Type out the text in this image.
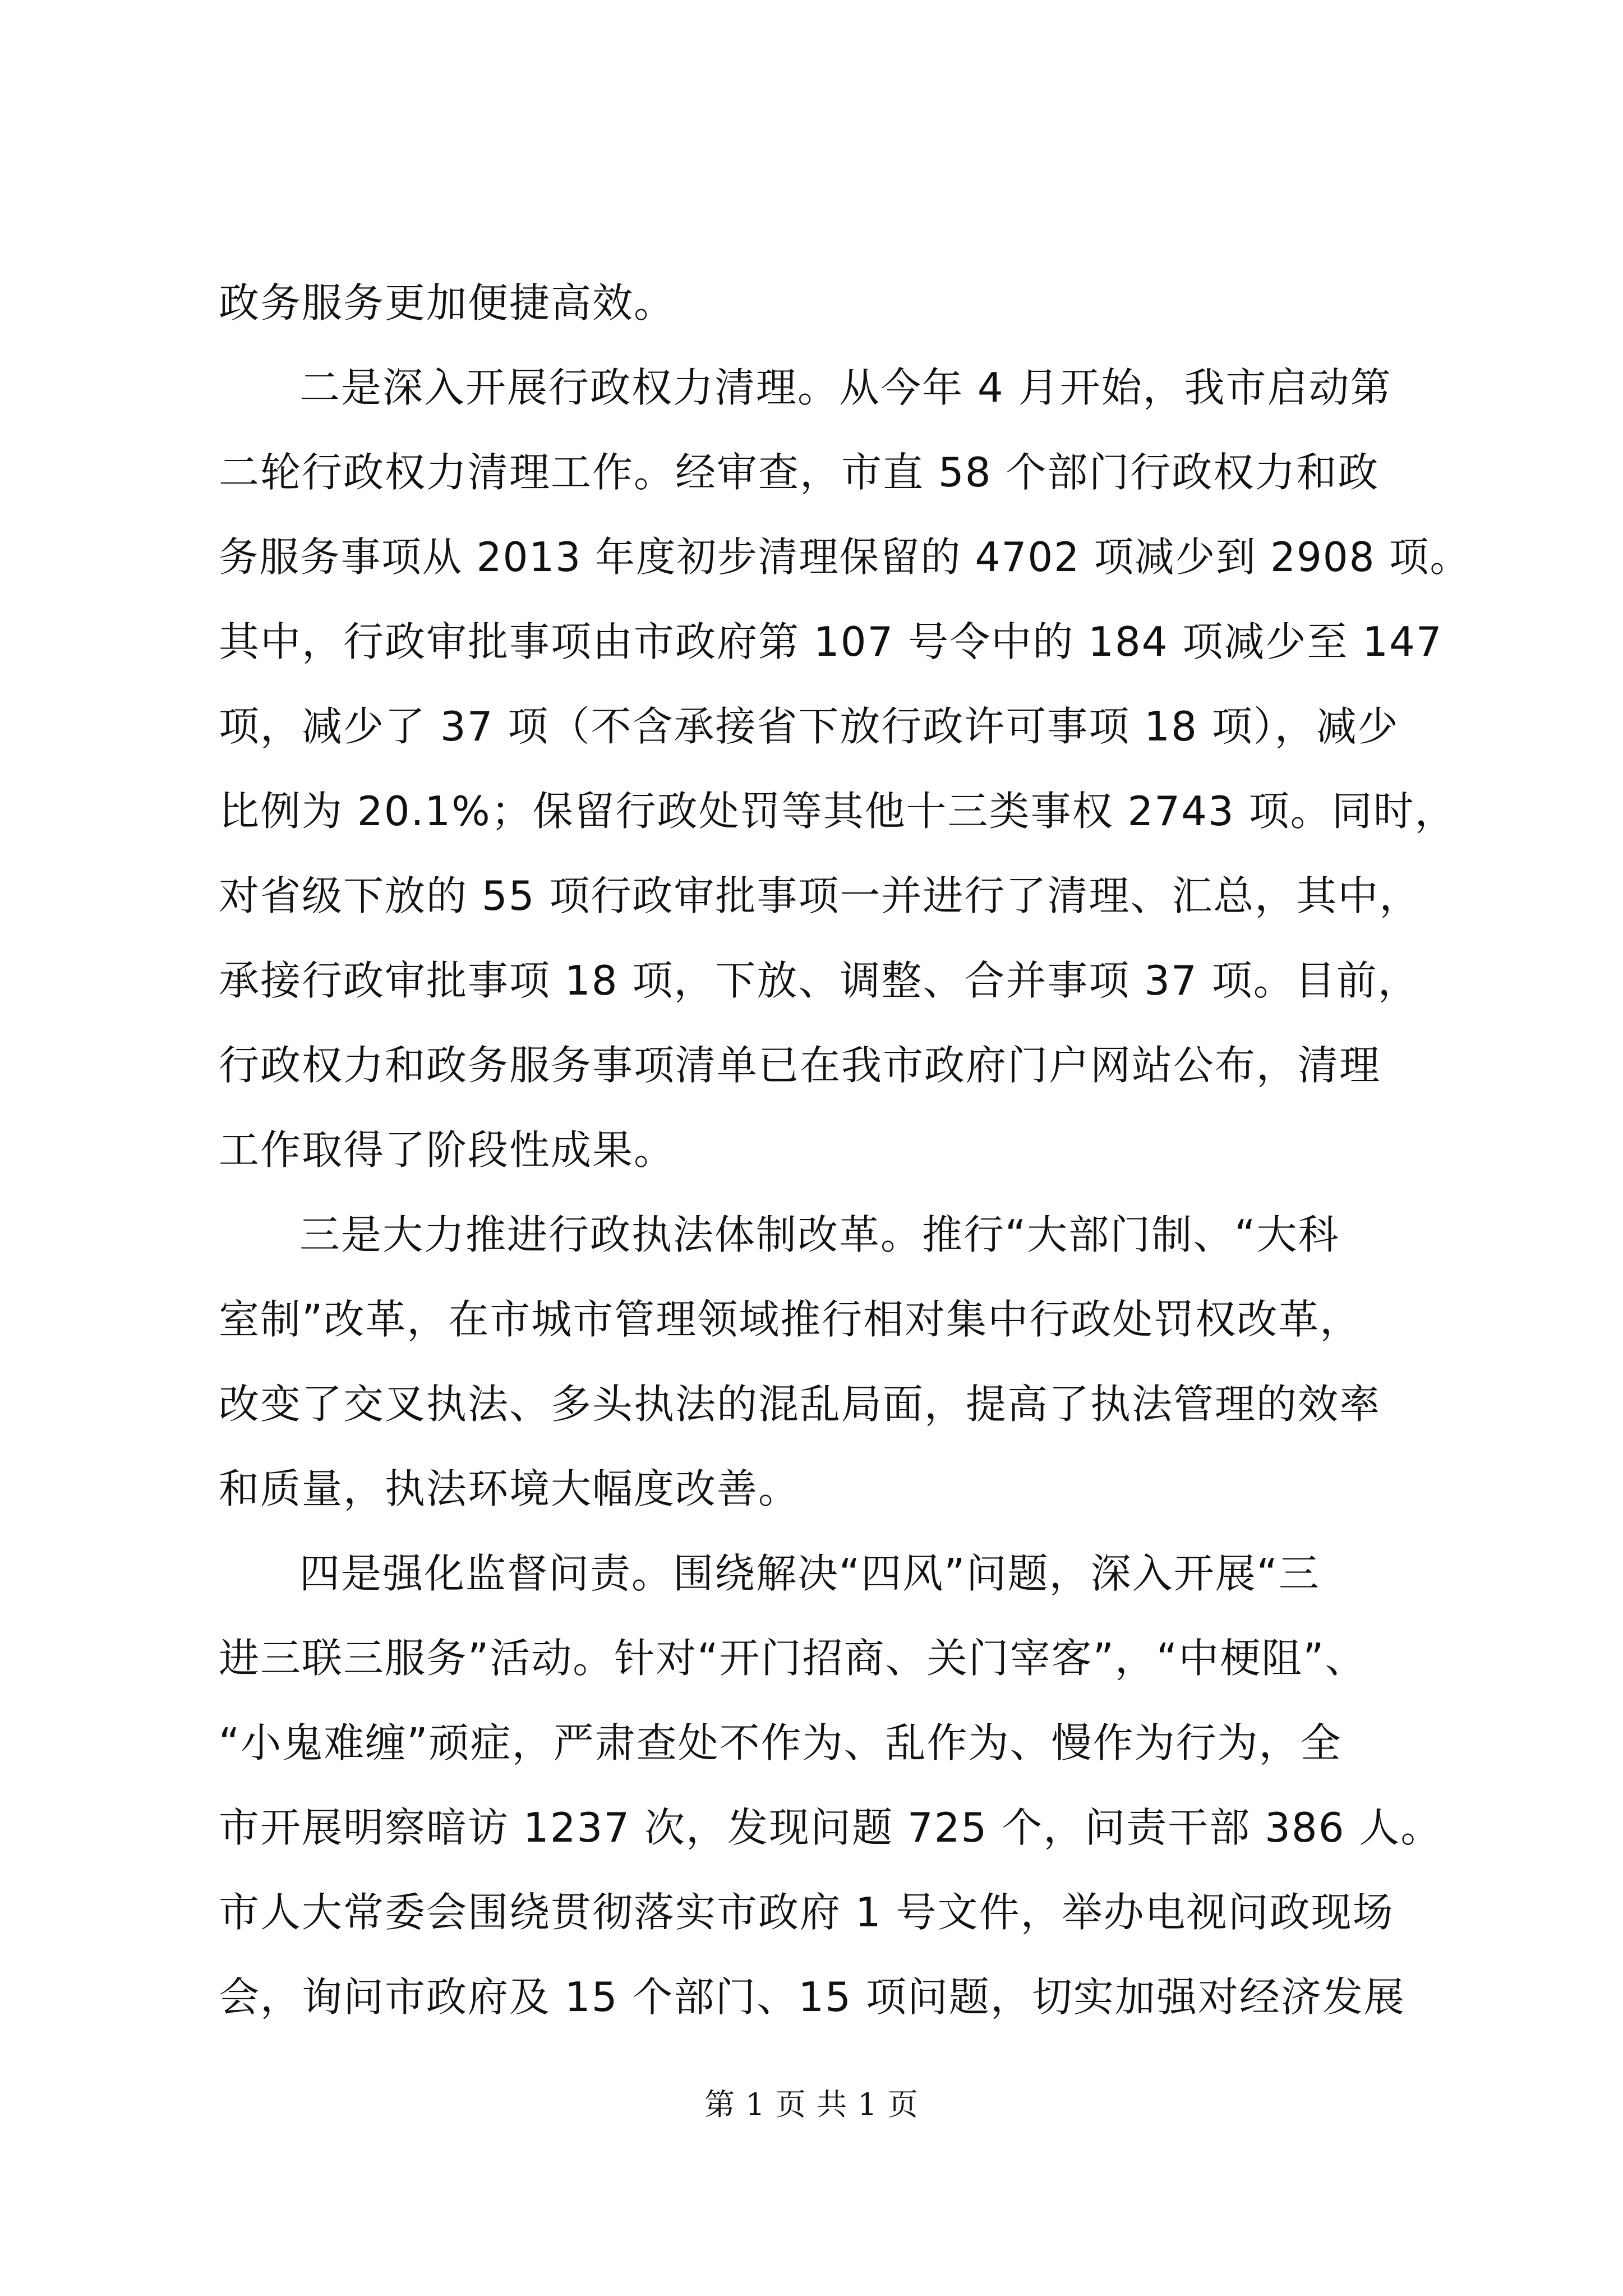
政务服务更加便捷高效。
二是深入开展行政权力清理。从今年 4 月开始，我市启动第
二轮行政权力清理工作。经审查，市直 58 个部门行政权力和政
务服务事项从 2013 年度初步清理保留的 4702 项减少到 2908 项。
其中，行政审批事项由市政府第 107 号令中的 184 项减少至 147
项，减少了 37 项（不含承接省下放行政许可事项 18 项），减少
比例为 20.1%；保留行政处罚等其他十三类事权 2743 项。同时，
对省级下放的 55 项行政审批事项一并进行了清理、汇总，其中，
承接行政审批事项 18 项，下放、调整、合并事项 37 项。目前，
行政权力和政务服务事项清单已在我市政府门户网站公布，清理
工作取得了阶段性成果。
三是大力推进行政执法体制改革。推行“大部门制、“大科
室制”改革，在市城市管理领域推行相对集中行政处罚权改革，
改变了交叉执法、多头执法的混乱局面，提高了执法管理的效率
和质量，执法环境大幅度改善。
四是强化监督问责。围绕解决“四风”问题，深入开展“三
进三联三服务”活动。针对“开门招商、关门宰客”，“中梗阻”、
“小鬼难缠”顽症，严肃查处不作为、乱作为、慢作为行为，全
市开展明察暗访 1237 次，发现问题 725 个，问责干部 386 人。
市人大常委会围绕贯彻落实市政府 1 号文件，举办电视问政现场
会，询问市政府及 15 个部门、15 项问题，切实加强对经济发展
第 1 页 共 1 页
